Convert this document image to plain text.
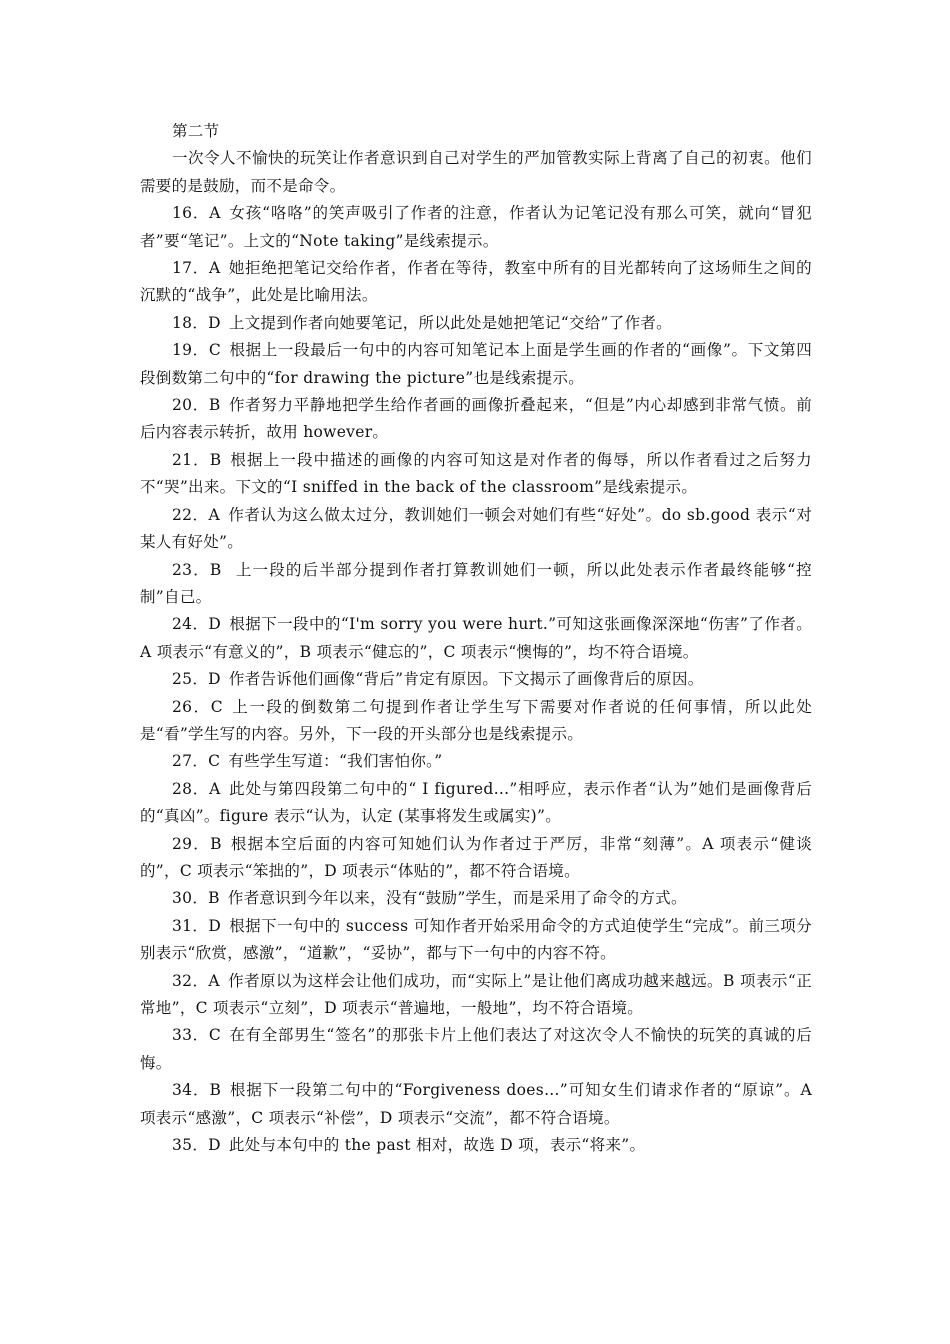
第二节

一次令人不愉快的玩笑让作者意识到自己对学生的严加管教实际上背离了自己的初衷。他们需要的是鼓励，而不是命令。

16．A  女孩“咯咯”的笑声吸引了作者的注意，作者认为记笔记没有那么可笑，就向“冒犯者”要“笔记”。上文的“Note taking”是线索提示。

17．A  她拒绝把笔记交给作者，作者在等待，教室中所有的目光都转向了这场师生之间的沉默的“战争”，此处是比喻用法。

18．D  上文提到作者向她要笔记，所以此处是她把笔记“交给”了作者。

19．C  根据上一段最后一句中的内容可知笔记本上面是学生画的作者的“画像”。下文第四段倒数第二句中的“for drawing the picture”也是线索提示。

20．B  作者努力平静地把学生给作者画的画像折叠起来，“但是”内心却感到非常气愤。前后内容表示转折，故用 however。

21．B  根据上一段中描述的画像的内容可知这是对作者的侮辱，所以作者看过之后努力不“哭”出来。下文的“I sniffed in the back of the classroom”是线索提示。

22．A  作者认为这么做太过分，教训她们一顿会对她们有些“好处”。do sb.good 表示“对某人有好处”。

23．B  上一段的后半部分提到作者打算教训她们一顿，所以此处表示作者最终能够“控制”自己。

24．D  根据下一段中的“I'm sorry you were hurt.”可知这张画像深深地“伤害”了作者。A 项表示“有意义的”，B 项表示“健忘的”，C 项表示“懊悔的”，均不符合语境。

25．D  作者告诉他们画像“背后”肯定有原因。下文揭示了画像背后的原因。

26．C  上一段的倒数第二句提到作者让学生写下需要对作者说的任何事情，所以此处是“看”学生写的内容。另外，下一段的开头部分也是线索提示。

27．C  有些学生写道：“我们害怕你。”

28．A  此处与第四段第二句中的“ I figured…”相呼应，表示作者“认为”她们是画像背后的“真凶”。figure 表示“认为，认定 (某事将发生或属实)”。

29．B  根据本空后面的内容可知她们认为作者过于严厉，非常“刻薄”。A 项表示“健谈的”，C 项表示“笨拙的”，D 项表示“体贴的”，都不符合语境。

30．B  作者意识到今年以来，没有“鼓励”学生，而是采用了命令的方式。

31．D  根据下一句中的 success 可知作者开始采用命令的方式迫使学生“完成”。前三项分别表示“欣赏，感激”，“道歉”，“妥协”，都与下一句中的内容不符。

32．A  作者原以为这样会让他们成功，而“实际上”是让他们离成功越来越远。B 项表示“正常地”，C 项表示“立刻”，D 项表示“普遍地，一般地”，均不符合语境。

33．C  在有全部男生“签名”的那张卡片上他们表达了对这次令人不愉快的玩笑的真诚的后悔。

34．B  根据下一段第二句中的“Forgiveness does…”可知女生们请求作者的“原谅”。A 项表示“感激”，C 项表示“补偿”，D 项表示“交流”，都不符合语境。

35．D  此处与本句中的 the past 相对，故选 D 项，表示“将来”。
